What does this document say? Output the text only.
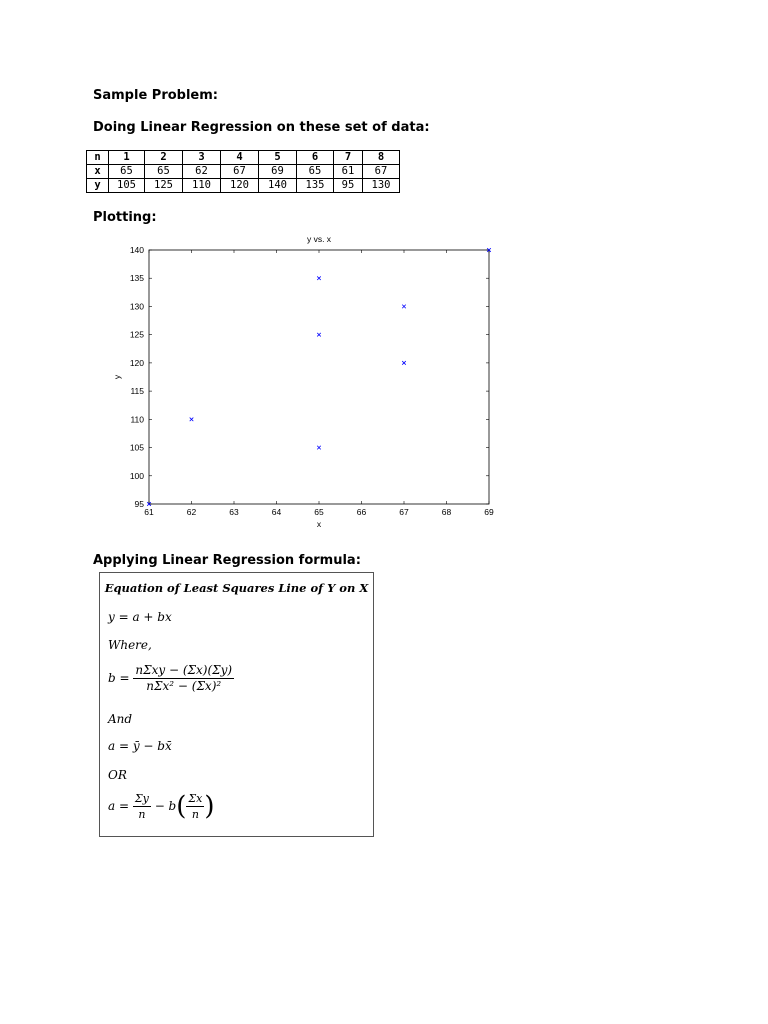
Sample Problem:
Doing Linear Regression on these set of data:
n	1	2	3	4	5	6	7	8
x	65	65	62	67	69	65	61	67
y	105	125	110	120	140	135	95	130
Plotting:
y vs. x
61	62	63	64	65	66	67	68	69
95
100
105
110
115
120
125
130
135
140
x
y
Applying Linear Regression formula:
Equation of Least Squares Line of Y on X
y = a + bx
Where,
$b = \frac{\text{nΣxy − (Σx)(Σy)}}{\text{nΣx² − (Σx)²}}$
And
a = ȳ − bx̄
OR
$a = \frac{\Sigma y}{n} - b( \frac{\Sigma x}{n}$ )
